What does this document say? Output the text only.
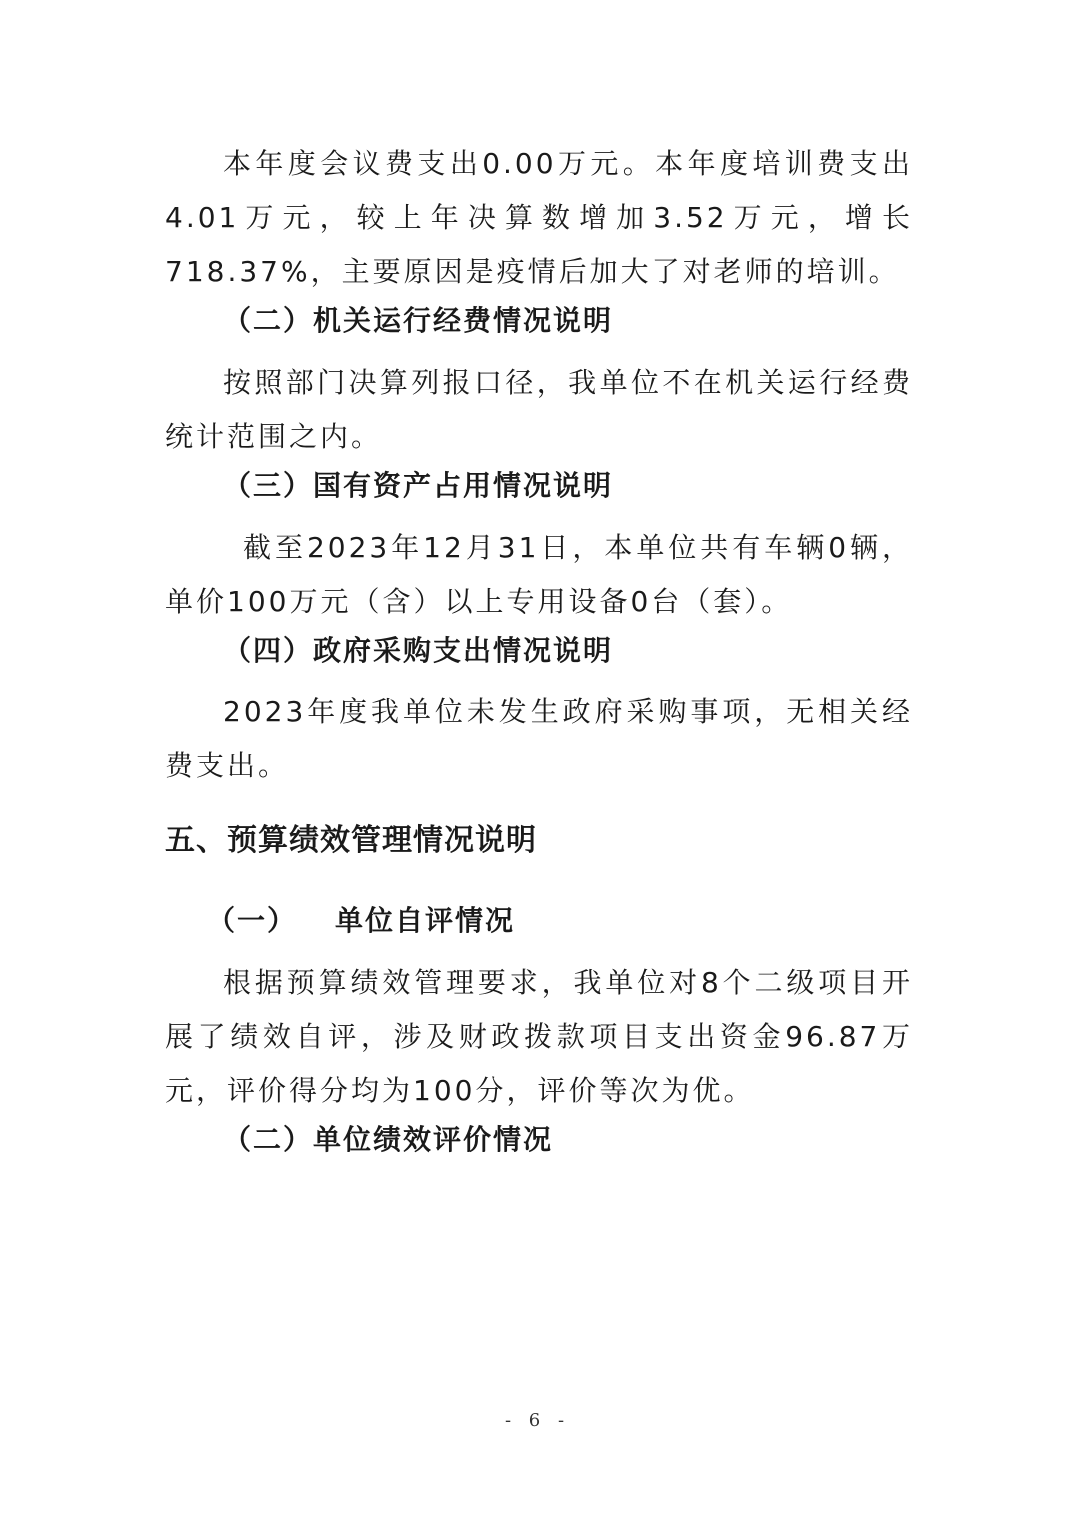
本年度会议费支出0.00万元。本年度培训费支出4.01万元，较上年决算数增加3.52万元，增长718.37%，主要原因是疫情后加大了对老师的培训。

（二）机关运行经费情况说明

按照部门决算列报口径，我单位不在机关运行经费统计范围之内。

（三）国有资产占用情况说明

截至2023年12月31日，本单位共有车辆0辆，单价100万元（含）以上专用设备0台（套）。

（四）政府采购支出情况说明

2023年度我单位未发生政府采购事项，无相关经费支出。

五、预算绩效管理情况说明
（一） 单位自评情况

根据预算绩效管理要求，我单位对8个二级项目开展了绩效自评，涉及财政拨款项目支出资金96.87万元，评价得分均为100分，评价等次为优。

（二）单位绩效评价情况
- 6 -
